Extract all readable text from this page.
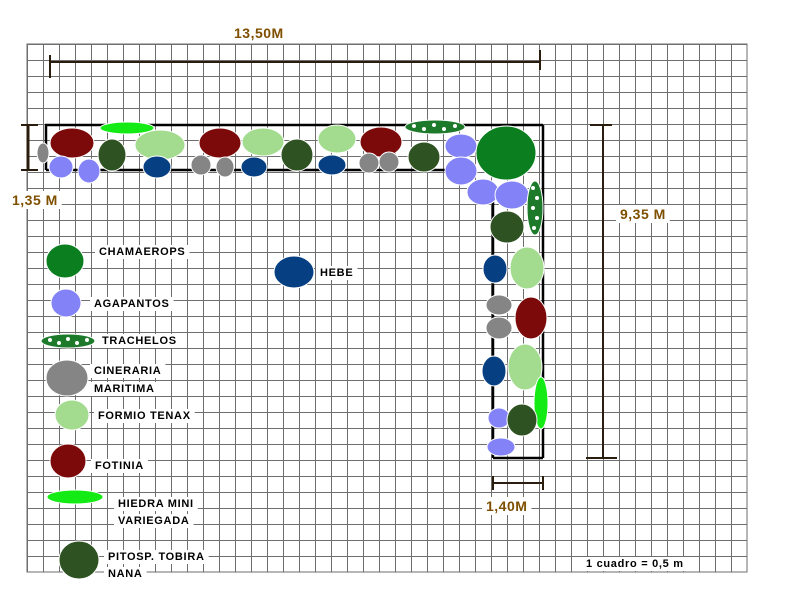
CHAMAEROPS
HEBE
AGAPANTOS
TRACHELOS
CINERARIA
MARITIMA
FORMIO TENAX
FOTINIA
HIEDRA MINI
VARIEGADA
PITOSP. TOBIRA
NANA
13,50M
1,35 M
9,35 M
1,40M
1 cuadro = 0,5 m
